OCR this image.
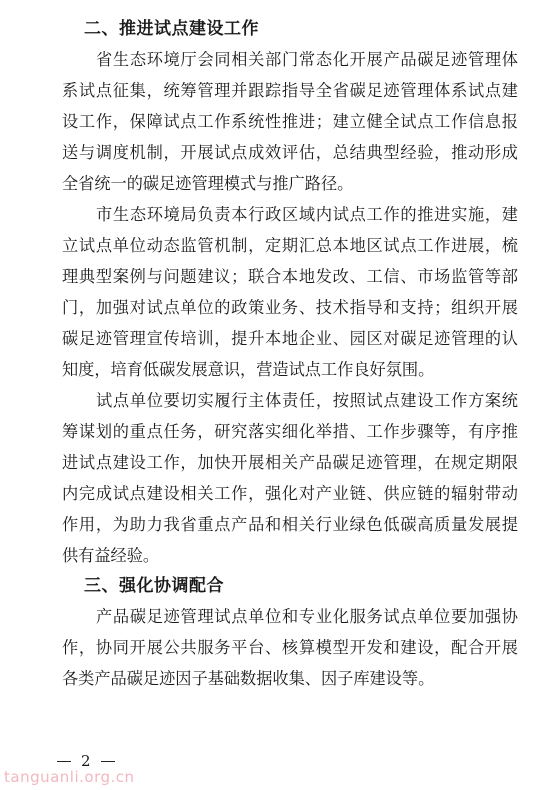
二、推进试点建设工作

省生态环境厅会同相关部门常态化开展产品碳足迹管理体
系试点征集，统筹管理并跟踪指导全省碳足迹管理体系试点建
设工作，保障试点工作系统性推进；建立健全试点工作信息报
送与调度机制，开展试点成效评估，总结典型经验，推动形成
全省统一的碳足迹管理模式与推广路径。

市生态环境局负责本行政区域内试点工作的推进实施，建
立试点单位动态监管机制，定期汇总本地区试点工作进展，梳
理典型案例与问题建议；联合本地发改、工信、市场监管等部
门，加强对试点单位的政策业务、技术指导和支持；组织开展
碳足迹管理宣传培训，提升本地企业、园区对碳足迹管理的认
知度，培育低碳发展意识，营造试点工作良好氛围。

试点单位要切实履行主体责任，按照试点建设工作方案统
筹谋划的重点任务，研究落实细化举措、工作步骤等，有序推
进试点建设工作，加快开展相关产品碳足迹管理，在规定期限
内完成试点建设相关工作，强化对产业链、供应链的辐射带动
作用，为助力我省重点产品和相关行业绿色低碳高质量发展提
供有益经验。

三、强化协调配合

产品碳足迹管理试点单位和专业化服务试点单位要加强协
作，协同开展公共服务平台、核算模型开发和建设，配合开展
各类产品碳足迹因子基础数据收集、因子库建设等。

2
tanguanli.org.cn
